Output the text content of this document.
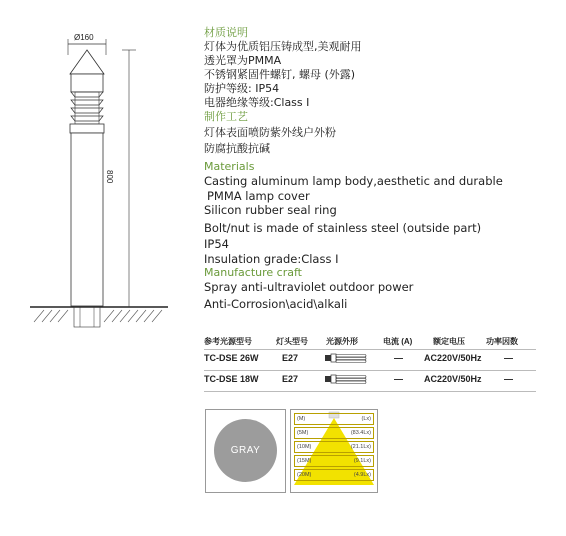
Ø160
800
材质说明
灯体为优质铝压铸成型,美观耐用
透光罩为PMMA
不锈钢紧固件螺钉, 螺母 (外露)
防护等级: IP54
电器绝缘等级:Class Ⅰ
制作工艺
灯体表面喷防紫外线户外粉
防腐抗酸抗碱
Materials
Casting aluminum lamp body,aesthetic and durable
PMMA lamp cover
Silicon rubber seal ring
Bolt/nut is made of stainless steel (outside part)
IP54
Insulation grade:Class I
Manufacture craft
Spray anti-ultraviolet outdoor power
Anti-Corrosion\acid\alkali
参考光源型号	灯头型号 光源外形	电流 (A)	额定电压	功率因数
TC-DSE 26W	E27	— AC220V/50Hz —
TC-DSE 18W	E27	— AC220V/50Hz —
GRAY
(M)	(Lx)
(5M)	(83.4Lx)
(10M)	(21.1Lx)
(15M)	(9.1Lx)
(20M)	(4.9Lx)
